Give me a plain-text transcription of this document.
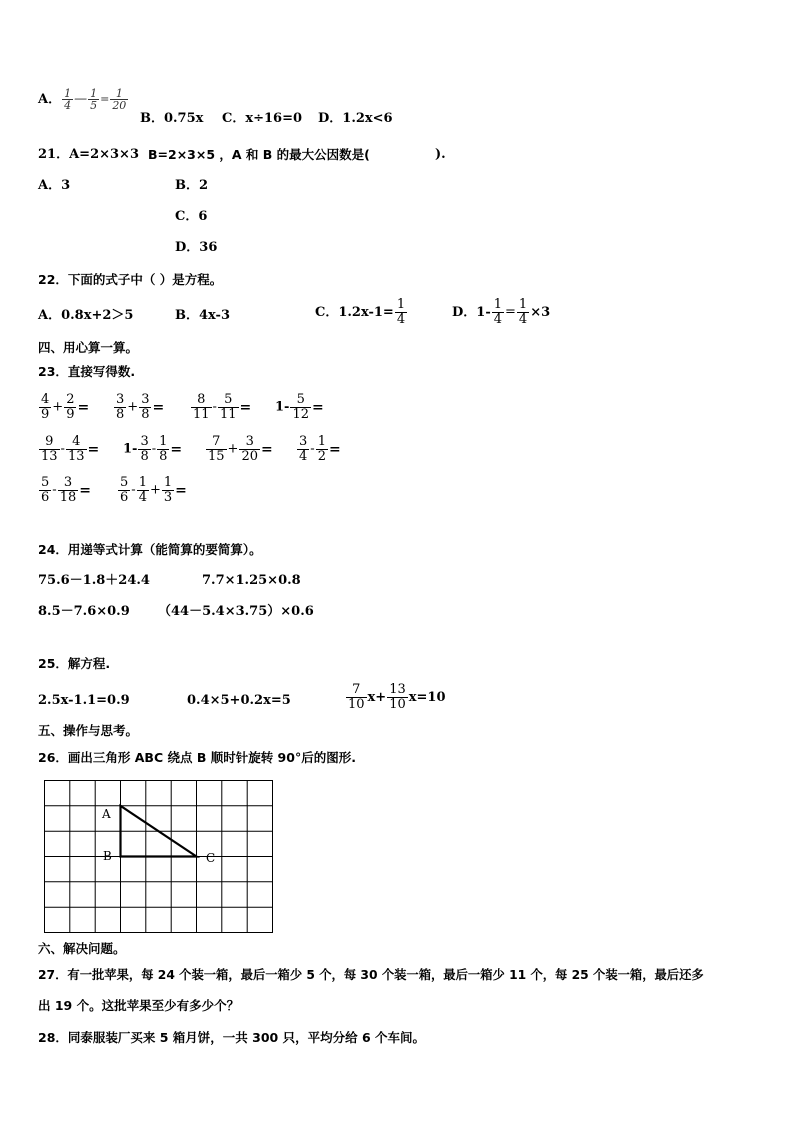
A． $\frac{1}{4}$ — $\frac{1}{5} = \frac{1}{20}$
B．0.75x C．x÷16=0 D．1.2x<6
21．A=2×3×3 B=2×3×5 ，A 和 B 的最大公因数是(	).
A．3	B．2
C．6
D．36
22．下面的式子中（ ）是方程。
A．0.8x+2＞5	B．4x-3	C．$1.2x-1= \frac{1}{4}$	D．$1- \frac{1}{4} = \frac{1}{4} \times 3$
四、用心算一算。
23．直接写得数.
$\frac{4}{9} + \frac{2}{9} = \frac{3}{8} + \frac{3}{8} = \frac{8}{11} - \frac{5}{11} = 1- \frac{5}{12}$ =
$\frac{9}{13} - \frac{4}{13} = 1- \frac{3}{8} - \frac{1}{8} = \frac{7}{15} + \frac{3}{20} = \frac{3}{4} - \frac{1}{2}$ =
$\frac{5}{6} - \frac{3}{18} = \frac{5}{6} - \frac{1}{4} + \frac{1}{3}$ =
24．用递等式计算（能简算的要简算）。
75.6－1.8＋24.4	7.7×1.25×0.8
8.5－7.6×0.9 （44－5.4×3.75）×0.6
25．解方程.
2.5x-1.1=0.9	0.4×5+0.2x=5	$\frac{7}{10} x+ \frac{13}{10} x=10$
五、操作与思考。
26．画出三角形 ABC 绕点 B 顺时针旋转 90°后的图形.
A
B	C
六、解决问题。
27．有一批苹果，每 24 个装一箱，最后一箱少 5 个，每 30 个装一箱，最后一箱少 11 个，每 25 个装一箱，最后还多
出 19 个。这批苹果至少有多少个？
28．同泰服装厂买来 5 箱月饼，一共 300 只，平均分给 6 个车间。
